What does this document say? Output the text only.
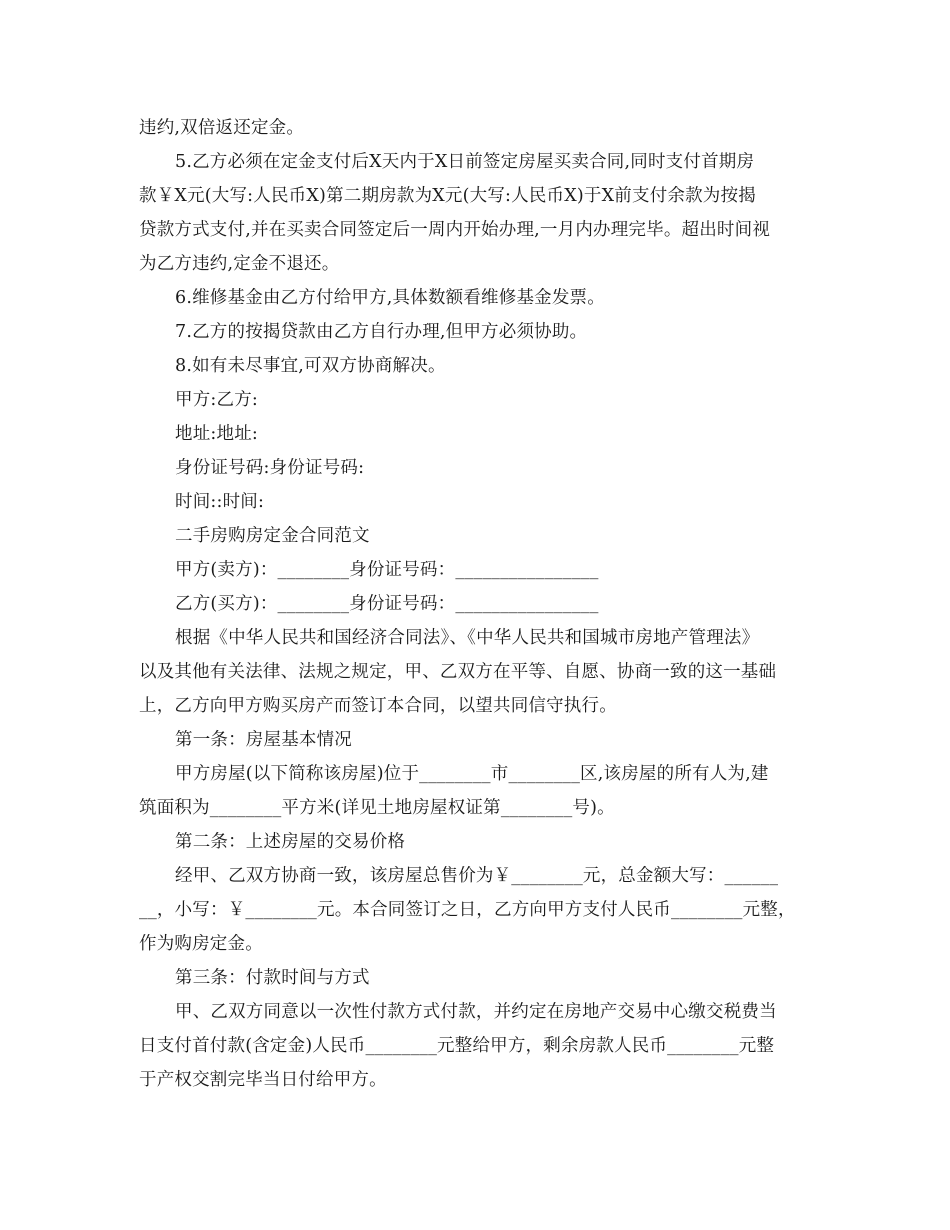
违约,双倍返还定金。
5.乙方必须在定金支付后X天内于X日前签定房屋买卖合同,同时支付首期房
款￥X元(大写:人民币X)第二期房款为X元(大写:人民币X)于X前支付余款为按揭
贷款方式支付,并在买卖合同签定后一周内开始办理,一月内办理完毕。超出时间视
为乙方违约,定金不退还。
6.维修基金由乙方付给甲方,具体数额看维修基金发票。
7.乙方的按揭贷款由乙方自行办理,但甲方必须协助。
8.如有未尽事宜,可双方协商解决。
甲方:乙方:
地址:地址:
身份证号码:身份证号码:
时间::时间:
二手房购房定金合同范文
甲方(卖方)：________身份证号码：________________
乙方(买方)：________身份证号码：________________
根据《中华人民共和国经济合同法》、《中华人民共和国城市房地产管理法》
以及其他有关法律、法规之规定，甲、乙双方在平等、自愿、协商一致的这一基础
上，乙方向甲方购买房产而签订本合同，以望共同信守执行。
第一条：房屋基本情况
甲方房屋(以下简称该房屋)位于________市________区,该房屋的所有人为,建
筑面积为________平方米(详见土地房屋权证第________号)。
第二条：上述房屋的交易价格
经甲、乙双方协商一致，该房屋总售价为￥________元，总金额大写：______
__，小写：￥________元。本合同签订之日，乙方向甲方支付人民币________元整，
作为购房定金。
第三条：付款时间与方式
甲、乙双方同意以一次性付款方式付款，并约定在房地产交易中心缴交税费当
日支付首付款(含定金)人民币________元整给甲方，剩余房款人民币________元整
于产权交割完毕当日付给甲方。
